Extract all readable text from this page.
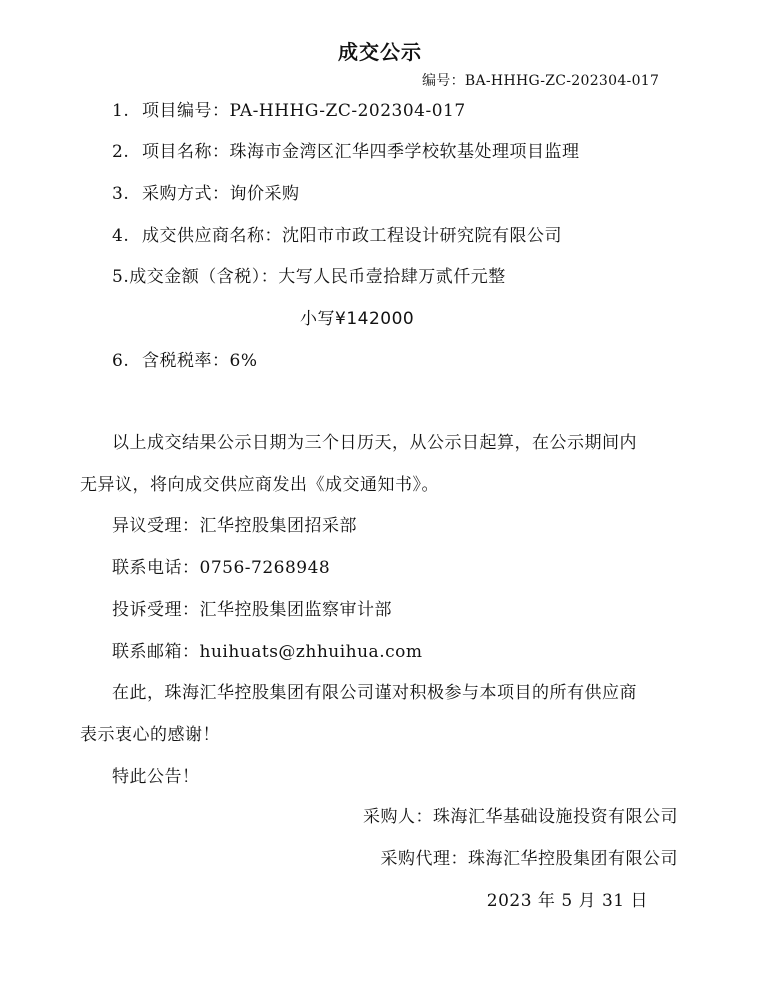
成交公示
编号：BA-HHHG-ZC-202304-017
1. 项目编号：PA-HHHG-ZC-202304-017
2. 项目名称：珠海市金湾区汇华四季学校软基处理项目监理
3. 采购方式：询价采购
4. 成交供应商名称：沈阳市市政工程设计研究院有限公司
5.成交金额（含税）：大写人民币壹拾肆万贰仟元整
小写¥142000
6. 含税税率：6%
以上成交结果公示日期为三个日历天，从公示日起算，在公示期间内
无异议，将向成交供应商发出《成交通知书》。
异议受理：汇华控股集团招采部
联系电话：0756-7268948
投诉受理：汇华控股集团监察审计部
联系邮箱：huihuats@zhhuihua.com
在此，珠海汇华控股集团有限公司谨对积极参与本项目的所有供应商
表示衷心的感谢！
特此公告！
采购人：珠海汇华基础设施投资有限公司
采购代理：珠海汇华控股集团有限公司
2023 年 5 月 31 日
